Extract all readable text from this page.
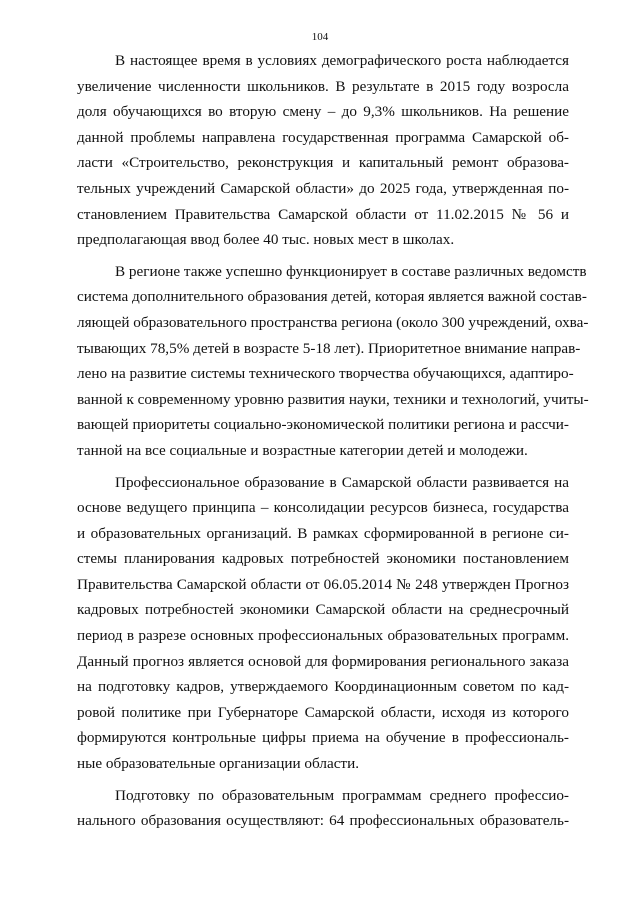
104

В настоящее время в условиях демографического роста наблюдается
увеличение численности школьников. В результате в 2015 году возросла
доля обучающихся во вторую смену – до 9,3% школьников. На решение
данной проблемы направлена государственная программа Самарской об-
ласти «Строительство, реконструкция и капитальный ремонт образова-
тельных учреждений Самарской области» до 2025 года, утвержденная по-
становлением Правительства Самарской области от 11.02.2015 № 56 и
предполагающая ввод более 40 тыс. новых мест в школах.

В регионе также успешно функционирует в составе различных ведомств
система дополнительного образования детей, которая является важной состав-
ляющей образовательного пространства региона (около 300 учреждений, охва-
тывающих 78,5% детей в возрасте 5-18 лет). Приоритетное внимание направ-
лено на развитие системы технического творчества обучающихся, адаптиро-
ванной к современному уровню развития науки, техники и технологий, учиты-
вающей приоритеты социально-экономической политики региона и рассчи-
танной на все социальные и возрастные категории детей и молодежи.

Профессиональное образование в Самарской области развивается на
основе ведущего принципа – консолидации ресурсов бизнеса, государства
и образовательных организаций. В рамках сформированной в регионе си-
стемы планирования кадровых потребностей экономики постановлением
Правительства Самарской области от 06.05.2014 № 248 утвержден Прогноз
кадровых потребностей экономики Самарской области на среднесрочный
период в разрезе основных профессиональных образовательных программ.
Данный прогноз является основой для формирования регионального заказа
на подготовку кадров, утверждаемого Координационным советом по кад-
ровой политике при Губернаторе Самарской области, исходя из которого
формируются контрольные цифры приема на обучение в профессиональ-
ные образовательные организации области.

Подготовку по образовательным программам среднего профессио-
нального образования осуществляют: 64 профессиональных образователь-
